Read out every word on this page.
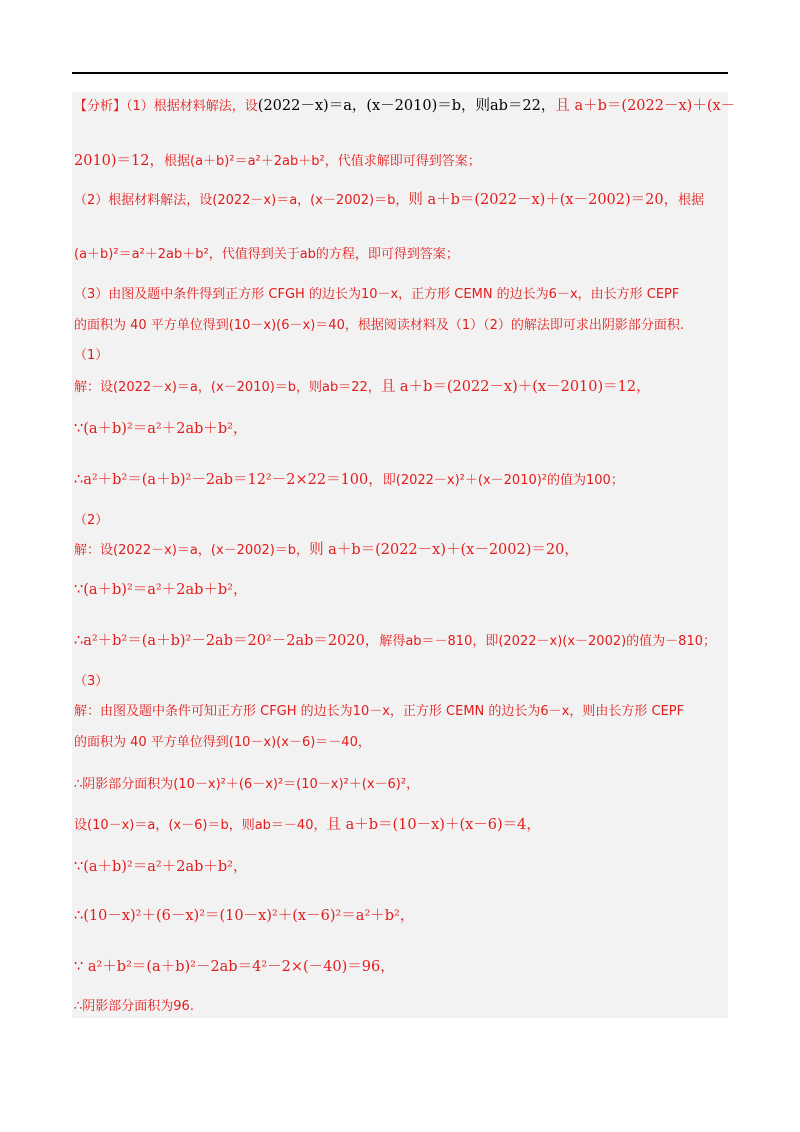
【分析】（1）根据材料解法，设(2022－x)＝a，(x－2010)＝b，则ab＝22，且 a＋b＝(2022－x)＋(x－
2010)＝12，根据(a＋b)²＝a²＋2ab＋b²，代值求解即可得到答案；
（2）根据材料解法，设(2022－x)＝a，(x－2002)＝b，则 a＋b＝(2022－x)＋(x－2002)＝20，根据
(a＋b)²＝a²＋2ab＋b²，代值得到关于ab的方程，即可得到答案；
（3）由图及题中条件得到正方形 CFGH 的边长为10－x，正方形 CEMN 的边长为6－x，由长方形 CEPF
的面积为 40 平方单位得到(10－x)(6－x)＝40，根据阅读材料及（1）（2）的解法即可求出阴影部分面积.
（1）
解：设(2022－x)＝a，(x－2010)＝b，则ab＝22，且 a＋b＝(2022－x)＋(x－2010)＝12，
∵(a＋b)²＝a²＋2ab＋b²，
∴a²＋b²＝(a＋b)²－2ab＝12²－2×22＝100，即(2022－x)²＋(x－2010)²的值为100；
（2）
解：设(2022－x)＝a，(x－2002)＝b，则 a＋b＝(2022－x)＋(x－2002)＝20，
∵(a＋b)²＝a²＋2ab＋b²，
∴a²＋b²＝(a＋b)²－2ab＝20²－2ab＝2020，解得ab＝－810，即(2022－x)(x－2002)的值为－810；
（3）
解：由图及题中条件可知正方形 CFGH 的边长为10－x，正方形 CEMN 的边长为6－x，则由长方形 CEPF
的面积为 40 平方单位得到(10－x)(x－6)＝－40，
∴阴影部分面积为(10－x)²＋(6－x)²＝(10－x)²＋(x－6)²，
设(10－x)＝a，(x－6)＝b，则ab＝－40，且 a＋b＝(10－x)＋(x－6)＝4，
∵(a＋b)²＝a²＋2ab＋b²，
∴(10－x)²＋(6－x)²＝(10－x)²＋(x－6)²＝a²＋b²，
∵ a²＋b²＝(a＋b)²－2ab＝4²－2×(－40)＝96，
∴阴影部分面积为96.
